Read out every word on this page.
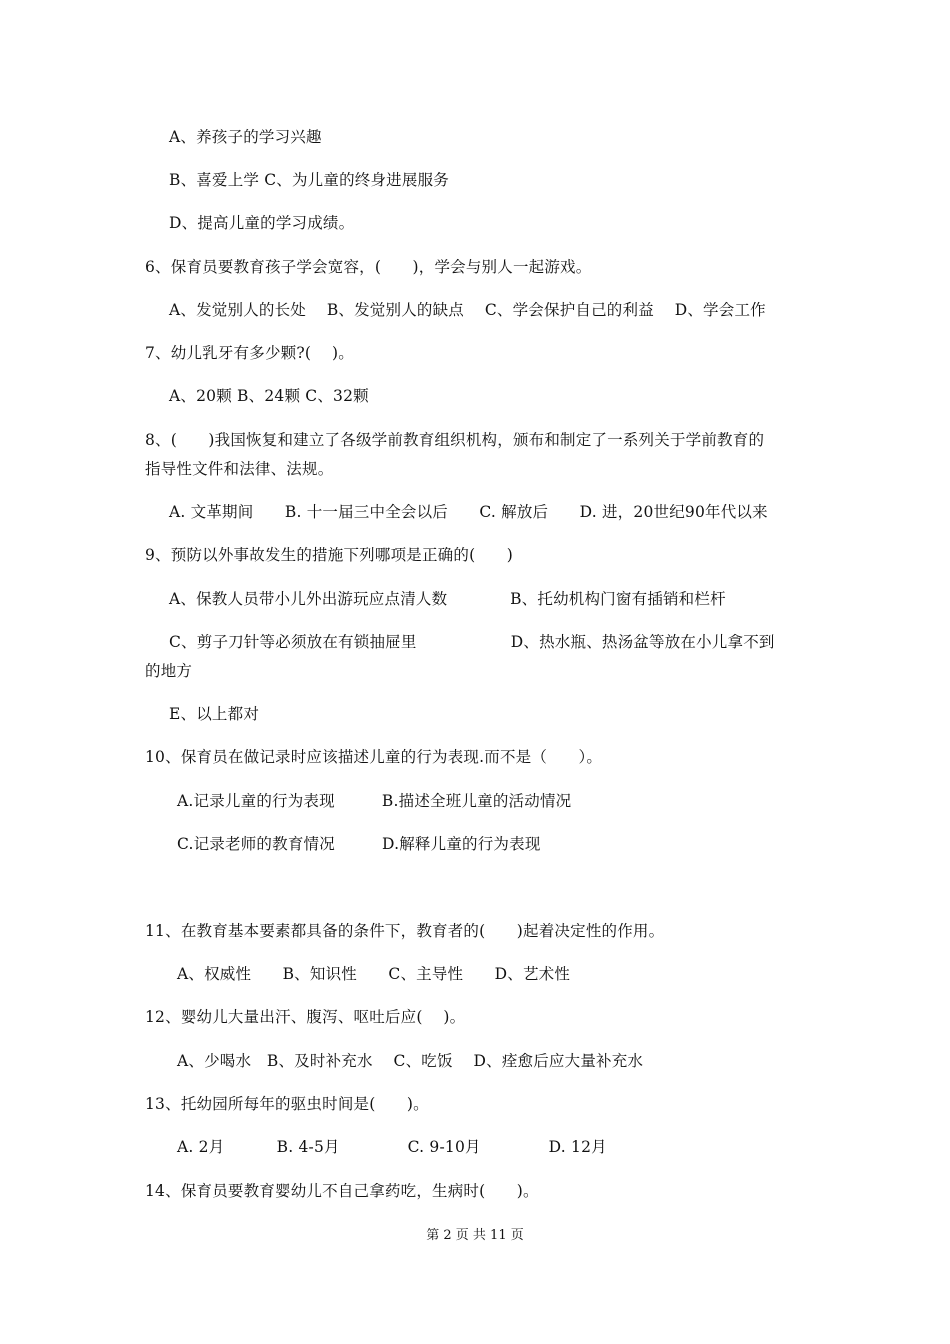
A、养孩子的学习兴趣
B、喜爱上学 C、为儿童的终身进展服务
D、提高儿童的学习成绩。
6、保育员要教育孩子学会宽容，(　　)，学会与别人一起游戏。
A、发觉别人的长处　 B、发觉别人的缺点　 C、学会保护自己的利益　 D、学会工作
7、幼儿乳牙有多少颗?(　 )。
A、20颗 B、24颗 C、32颗
8、(　　)我国恢复和建立了各级学前教育组织机构，颁布和制定了一系列关于学前教育的
指导性文件和法律、法规。
A. 文革期间　　B. 十一届三中全会以后　　C. 解放后　　D. 进，20世纪90年代以来
9、预防以外事故发生的措施下列哪项是正确的(　　)
A、保教人员带小儿外出游玩应点清人数　　　　B、托幼机构门窗有插销和栏杆
C、剪子刀针等必须放在有锁抽屉里　　　　　　D、热水瓶、热汤盆等放在小儿拿不到
的地方
E、以上都对
10、保育员在做记录时应该描述儿童的行为表现.而不是（　　）。
A.记录儿童的行为表现　　　B.描述全班儿童的活动情况
C.记录老师的教育情况　　　D.解释儿童的行为表现
11、在教育基本要素都具备的条件下，教育者的(　　)起着决定性的作用。
A、权威性　　B、知识性　　C、主导性　　D、艺术性
12、婴幼儿大量出汗、腹泻、呕吐后应(　 )。
A、少喝水　B、及时补充水　 C、吃饭　 D、痊愈后应大量补充水
13、托幼园所每年的驱虫时间是(　　)。
A. 2月　　　 B. 4-5月　　　　 C. 9-10月　　　　 D. 12月
14、保育员要教育婴幼儿不自己拿药吃，生病时(　　)。
第 2 页 共 11 页
